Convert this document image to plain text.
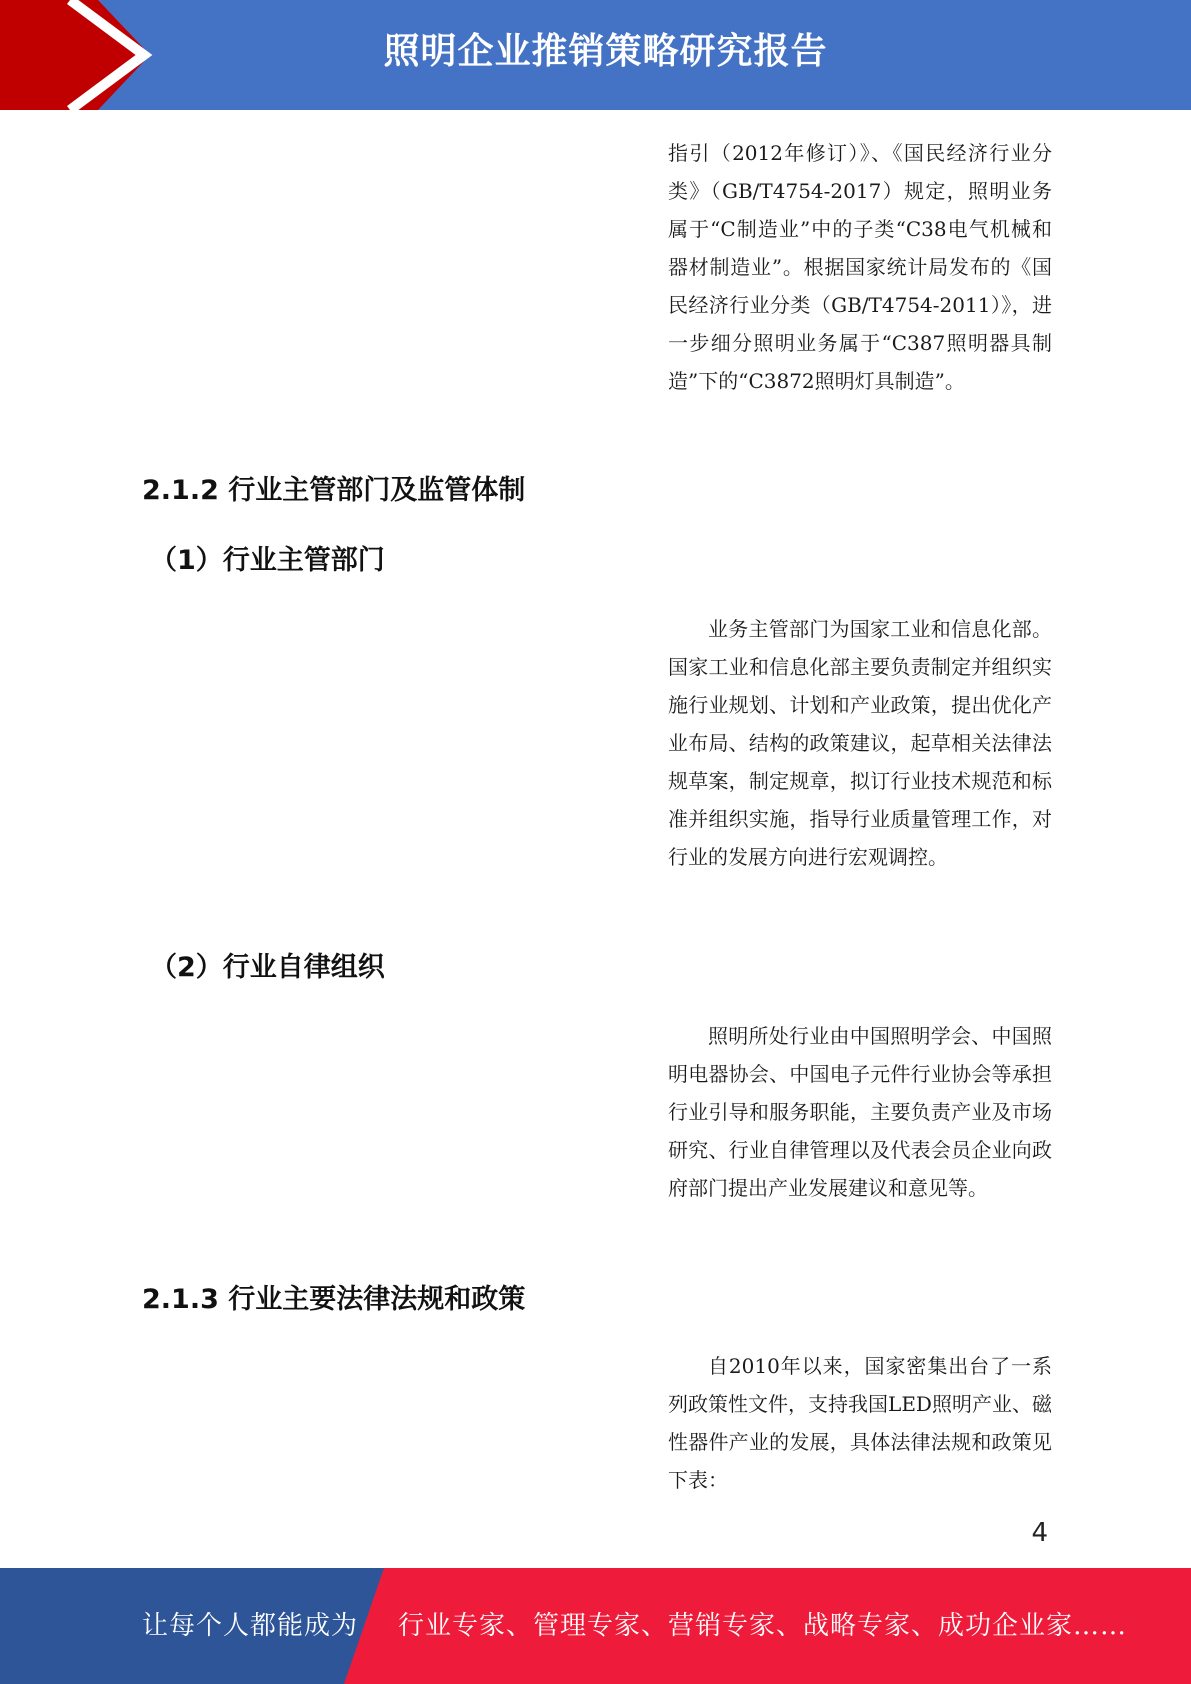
照明企业推销策略研究报告

指引（2012年修订）》、《国民经济行业分类》（GB/T4754-2017）规定，照明业务属于“C制造业”中的子类“C38电气机械和器材制造业”。根据国家统计局发布的《国民经济行业分类（GB/T4754-2011）》，进一步细分照明业务属于“C387照明器具制造”下的“C3872照明灯具制造”。

2.1.2 行业主管部门及监管体制
（1）行业主管部门

业务主管部门为国家工业和信息化部。国家工业和信息化部主要负责制定并组织实施行业规划、计划和产业政策，提出优化产业布局、结构的政策建议，起草相关法律法规草案，制定规章，拟订行业技术规范和标准并组织实施，指导行业质量管理工作，对行业的发展方向进行宏观调控。

（2）行业自律组织

照明所处行业由中国照明学会、中国照明电器协会、中国电子元件行业协会等承担行业引导和服务职能，主要负责产业及市场研究、行业自律管理以及代表会员企业向政府部门提出产业发展建议和意见等。

2.1.3 行业主要法律法规和政策

自2010年以来，国家密集出台了一系列政策性文件，支持我国LED照明产业、磁性器件产业的发展，具体法律法规和政策见下表：

4
让每个人都能成为 行业专家、管理专家、营销专家、战略专家、成功企业家……
